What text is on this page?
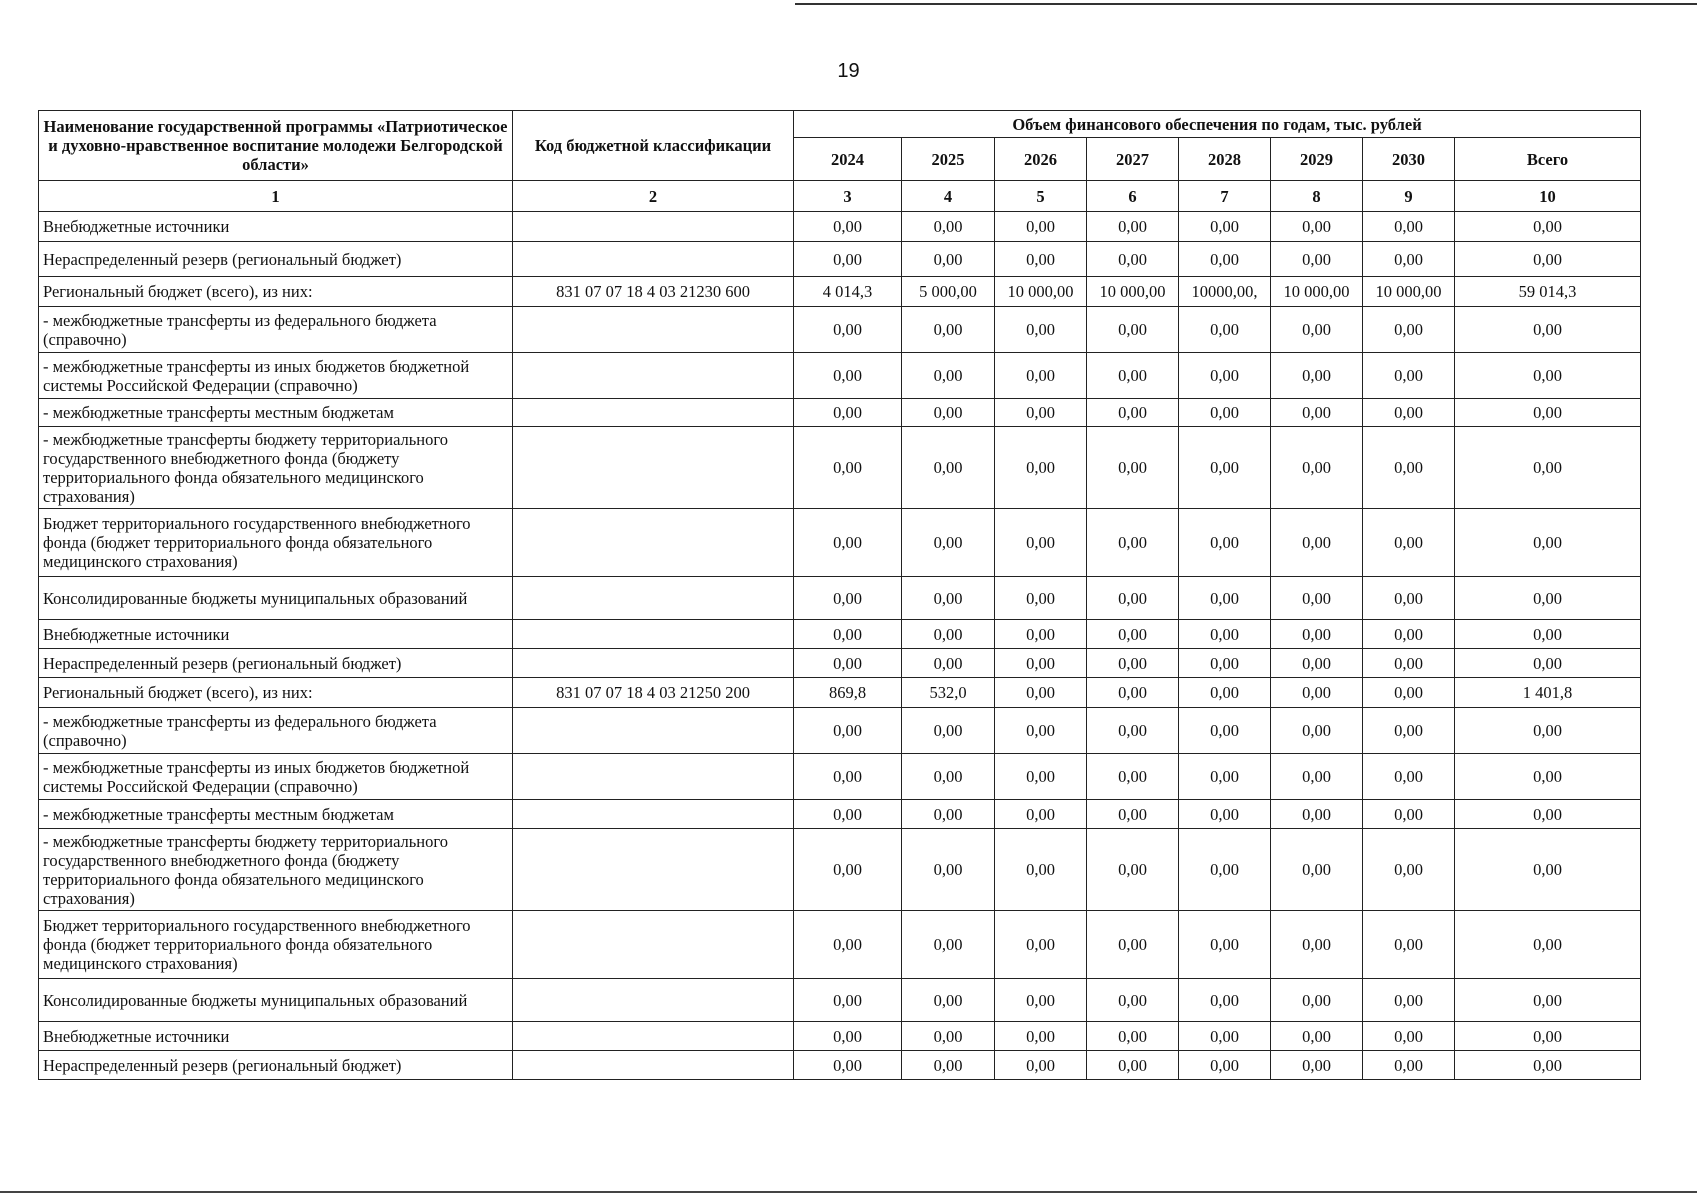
19
Наименование государственной программы «Патриотическое и духовно-нравственное воспитание молодежи Белгородской области»	Код бюджетной классификации	Объем финансового обеспечения по годам, тыс. рублей							
		2024	2025	2026	2027	2028	2029	2030	Всего
1	2	3	4	5	6	7	8	9	10
Внебюджетные источники		0,00	0,00	0,00	0,00	0,00	0,00	0,00	0,00
Нераспределенный резерв (региональный бюджет)		0,00	0,00	0,00	0,00	0,00	0,00	0,00	0,00
Региональный бюджет (всего), из них:	831 07 07 18 4 03 21230 600	4 014,3	5 000,00	10 000,00	10 000,00	10000,00,	10 000,00	10 000,00	59 014,3
- межбюджетные трансферты из федерального бюджета (справочно)		0,00	0,00	0,00	0,00	0,00	0,00	0,00	0,00
- межбюджетные трансферты из иных бюджетов бюджетной системы Российской Федерации (справочно)		0,00	0,00	0,00	0,00	0,00	0,00	0,00	0,00
- межбюджетные трансферты местным бюджетам		0,00	0,00	0,00	0,00	0,00	0,00	0,00	0,00
- межбюджетные трансферты бюджету территориального государственного внебюджетного фонда (бюджету территориального фонда обязательного медицинского страхования)		0,00	0,00	0,00	0,00	0,00	0,00	0,00	0,00
Бюджет территориального государственного внебюджетного фонда (бюджет территориального фонда обязательного медицинского страхования)		0,00	0,00	0,00	0,00	0,00	0,00	0,00	0,00
Консолидированные бюджеты муниципальных образований		0,00	0,00	0,00	0,00	0,00	0,00	0,00	0,00
Внебюджетные источники		0,00	0,00	0,00	0,00	0,00	0,00	0,00	0,00
Нераспределенный резерв (региональный бюджет)		0,00	0,00	0,00	0,00	0,00	0,00	0,00	0,00
Региональный бюджет (всего), из них:	831 07 07 18 4 03 21250 200	869,8	532,0	0,00	0,00	0,00	0,00	0,00	1 401,8
- межбюджетные трансферты из федерального бюджета (справочно)		0,00	0,00	0,00	0,00	0,00	0,00	0,00	0,00
- межбюджетные трансферты из иных бюджетов бюджетной системы Российской Федерации (справочно)		0,00	0,00	0,00	0,00	0,00	0,00	0,00	0,00
- межбюджетные трансферты местным бюджетам		0,00	0,00	0,00	0,00	0,00	0,00	0,00	0,00
- межбюджетные трансферты бюджету территориального государственного внебюджетного фонда (бюджету территориального фонда обязательного медицинского страхования)		0,00	0,00	0,00	0,00	0,00	0,00	0,00	0,00
Бюджет территориального государственного внебюджетного фонда (бюджет территориального фонда обязательного медицинского страхования)		0,00	0,00	0,00	0,00	0,00	0,00	0,00	0,00
Консолидированные бюджеты муниципальных образований		0,00	0,00	0,00	0,00	0,00	0,00	0,00	0,00
Внебюджетные источники		0,00	0,00	0,00	0,00	0,00	0,00	0,00	0,00
Нераспределенный резерв (региональный бюджет)		0,00	0,00	0,00	0,00	0,00	0,00	0,00	0,00
